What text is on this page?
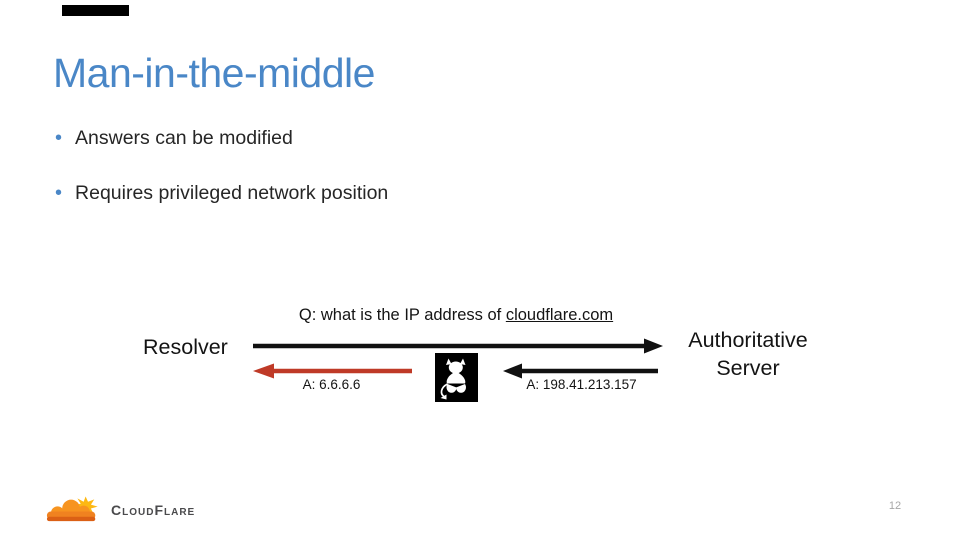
Man-in-the-middle
• Answers can be modified
• Requires privileged network position
Q: what is the IP address of cloudflare.com
Resolver	Authoritative Server
A: 6.6.6.6	A: 198.41.213.157
CloudFlare	12
